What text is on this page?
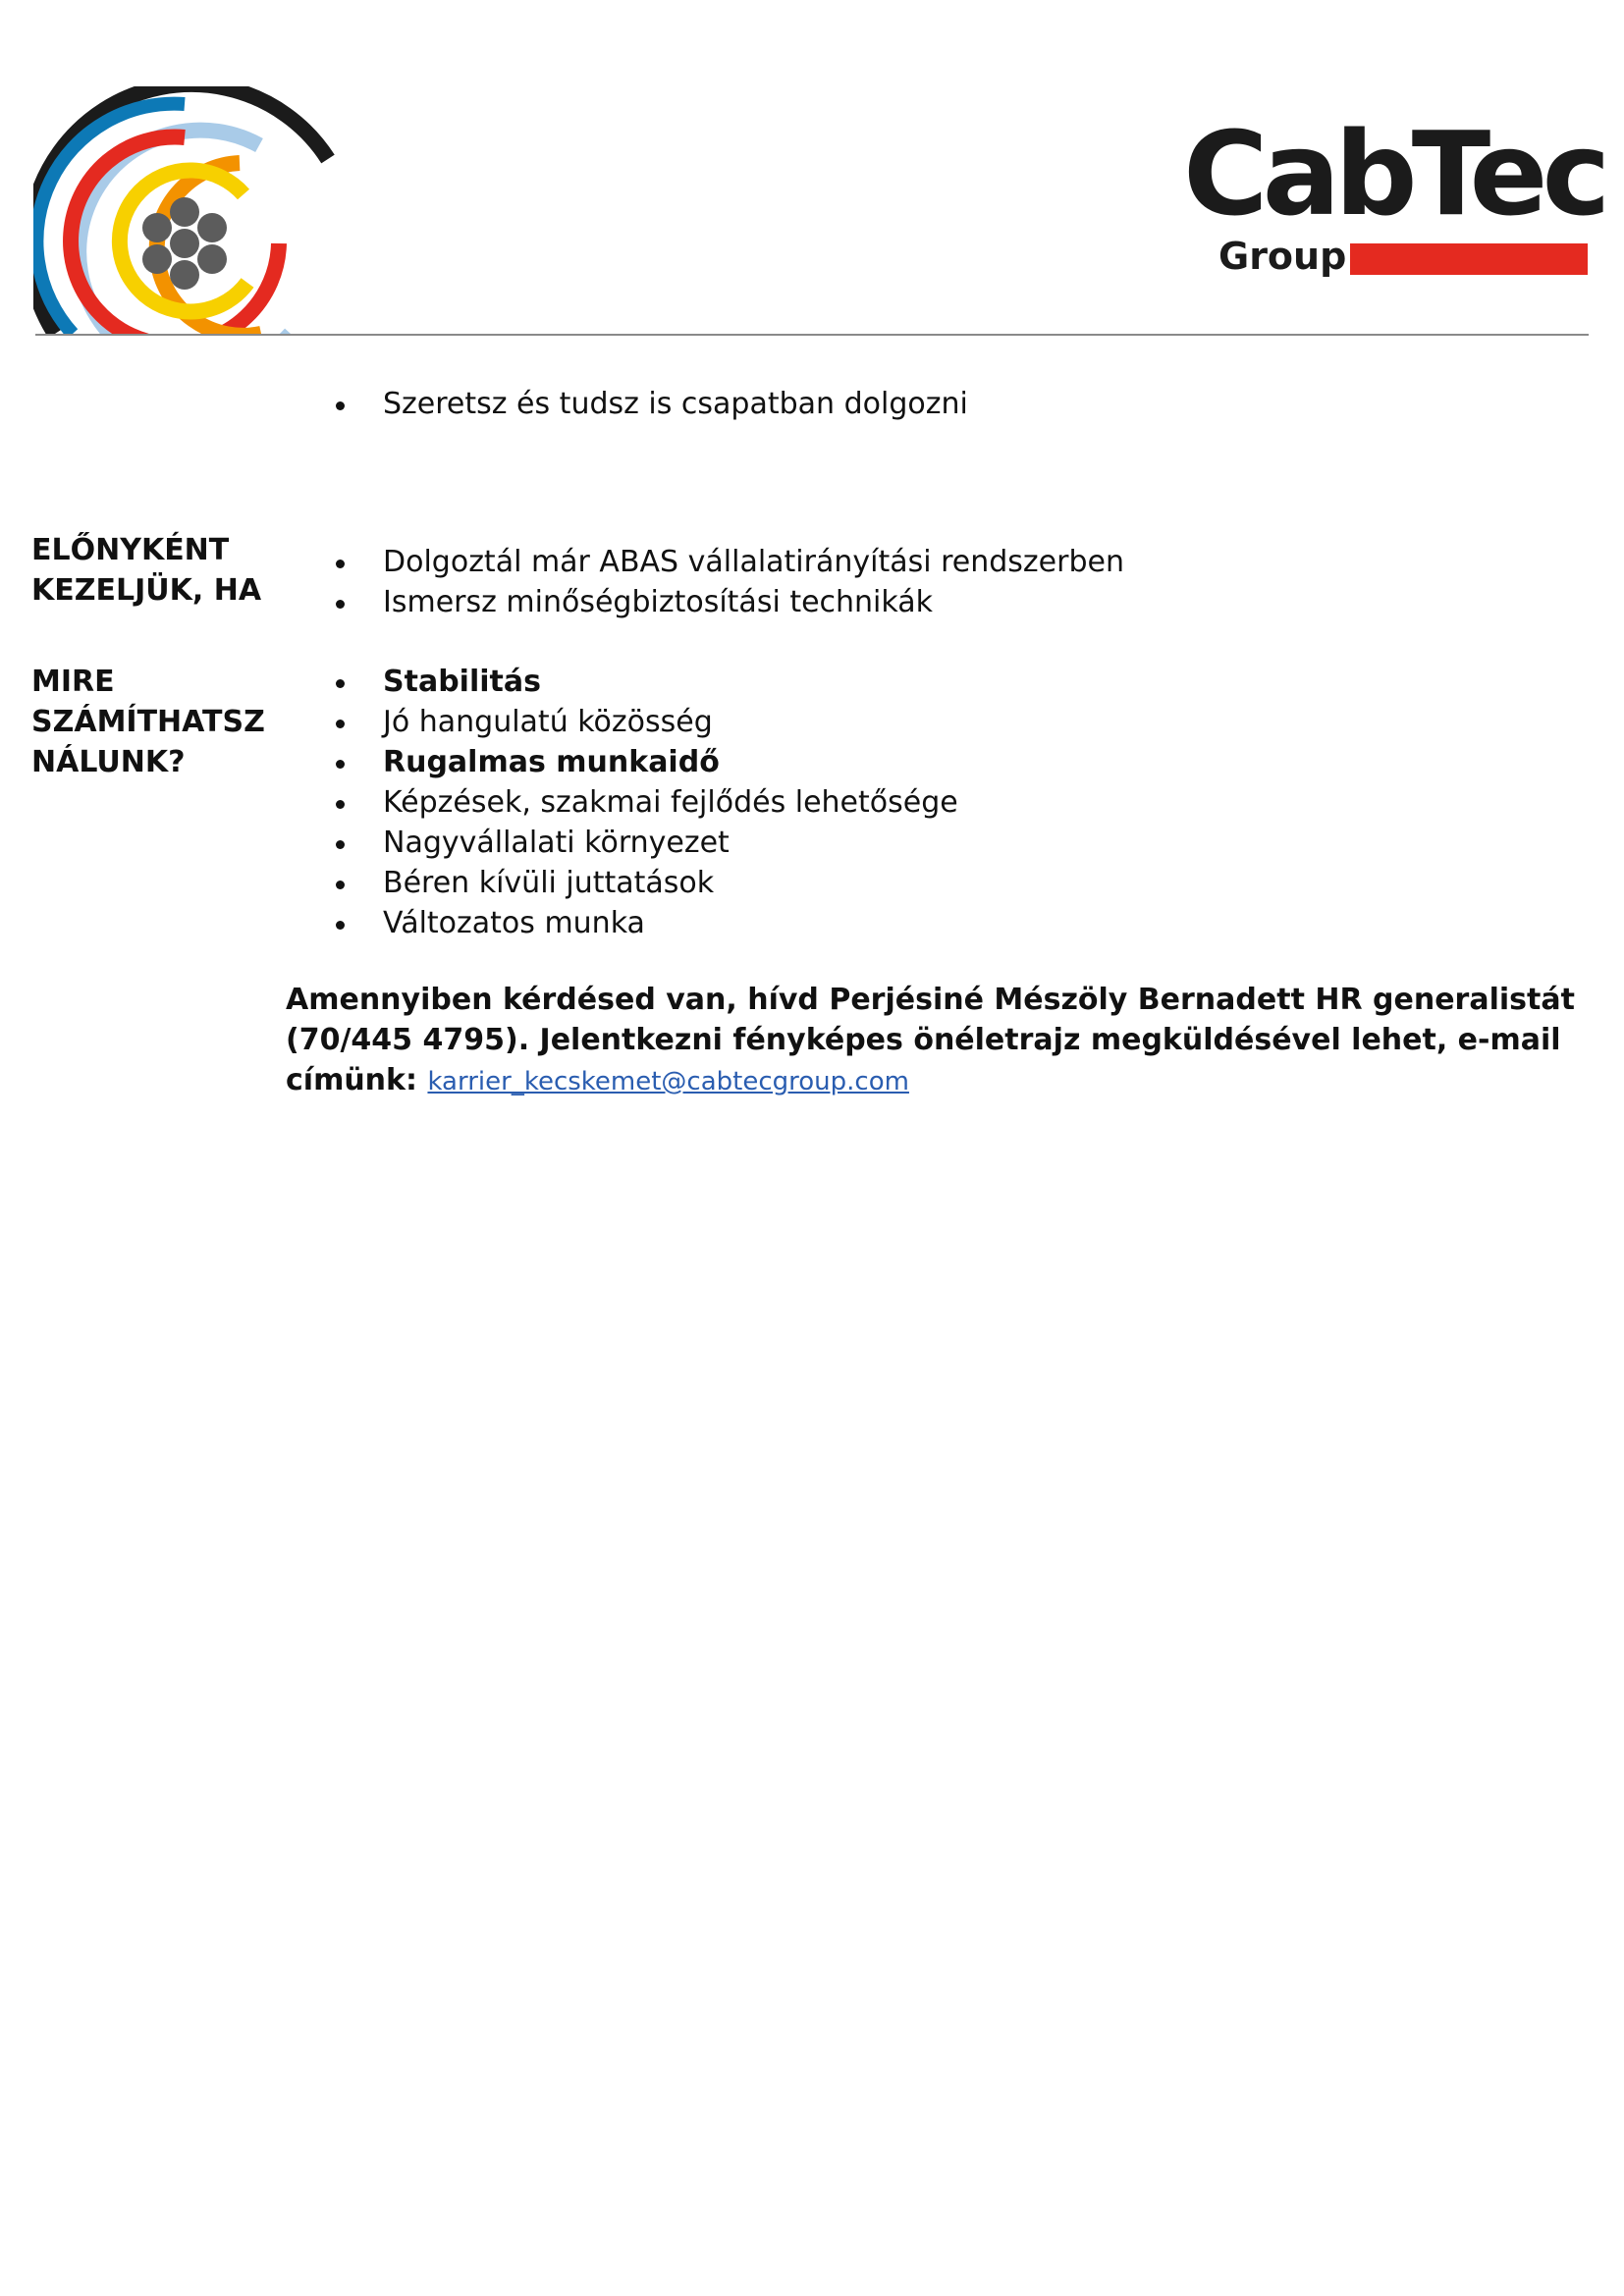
CabTec
Group
Szeretsz és tudsz is csapatban dolgozni

ELŐNYKÉNT
KEZELJÜK, HA

Dolgoztál már ABAS vállalatirányítási rendszerben
Ismersz minőségbiztosítási technikák

MIRE
SZÁMÍTHATSZ
NÁLUNK?

Stabilitás
Jó hangulatú közösség
Rugalmas munkaidő
Képzések, szakmai fejlődés lehetősége
Nagyvállalati környezet
Béren kívüli juttatások
Változatos munka

Amennyiben kérdésed van, hívd Perjésiné Mészöly Bernadett HR generalistát
(70/445 4795). Jelentkezni fényképes önéletrajz megküldésével lehet, e-mail
címünk: karrier_kecskemet@cabtecgroup.com
